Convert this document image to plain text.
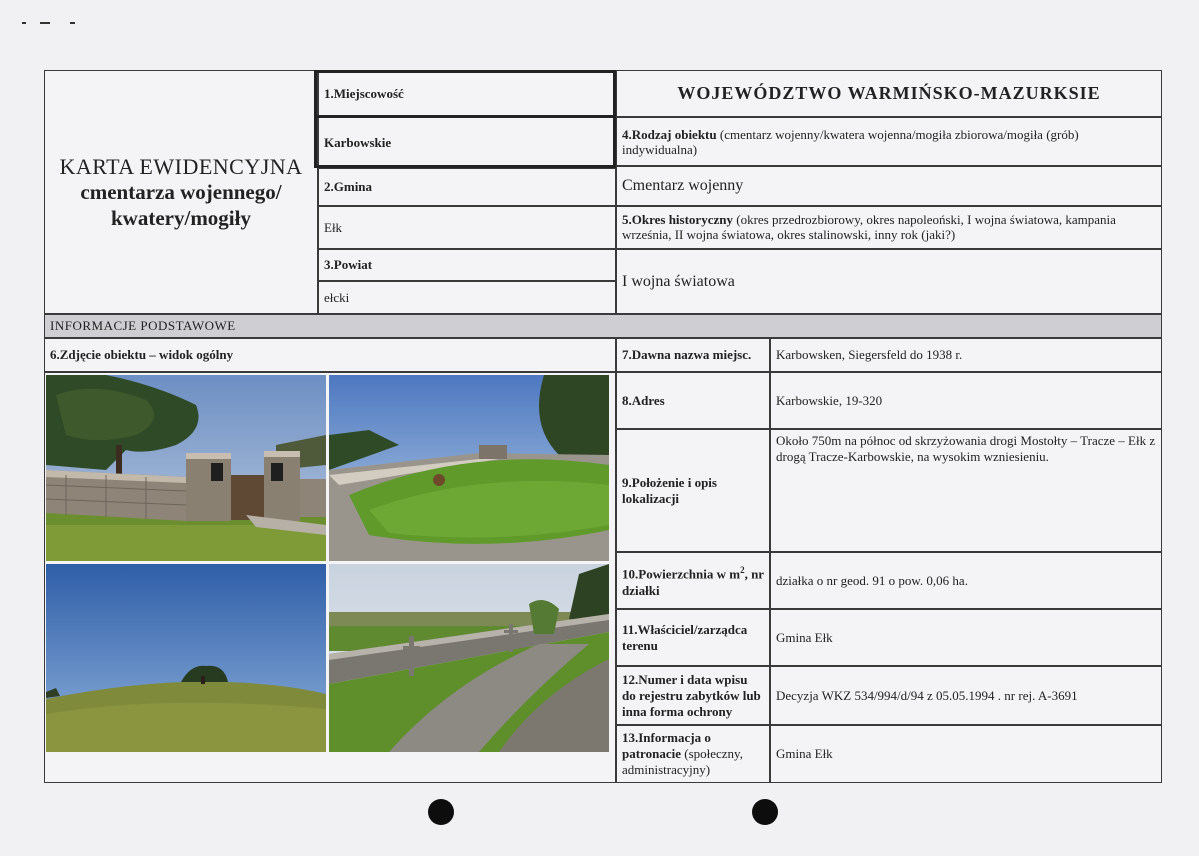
KARTA EWIDENCYJNA
cmentarza wojennego/
kwatery/mogiły
1.Miejscowość
Karbowskie
2.Gmina
Ełk
3.Powiat
ełcki
WOJEWÓDZTWO WARMIŃSKO-MAZURKSIE
4.Rodzaj obiektu (cmentarz wojenny/kwatera wojenna/mogiła zbiorowa/mogiła (grób) indywidualna)
Cmentarz wojenny
5.Okres historyczny (okres przedrozbiorowy, okres napoleoński, I wojna światowa, kampania września, II wojna światowa, okres stalinowski, inny rok (jaki?)
I wojna światowa
INFORMACJE PODSTAWOWE
6.Zdjęcie obiektu – widok ogólny	7.Dawna nazwa miejsc.	Karbowsken, Siegersfeld do 1938 r.
8.Adres	Karbowskie, 19-320
9.Położenie i opis lokalizacji
Około 750m na północ od skrzyżowania drogi Mostołty – Tracze – Ełk z drogą Tracze-Karbowskie, na wysokim wzniesieniu.
10.Powierzchnia w $m^2$, nr działki
działka o nr geod. 91 o pow. 0,06 ha.
11.Właściciel/zarządca terenu
Gmina Ełk
12.Numer i data wpisu do rejestru zabytków lub inna forma ochrony
Decyzja WKZ 534/994/d/94 z 05.05.1994 . nr rej. A-3691
13.Informacja o patronacie (społeczny, administracyjny)
Gmina Ełk
